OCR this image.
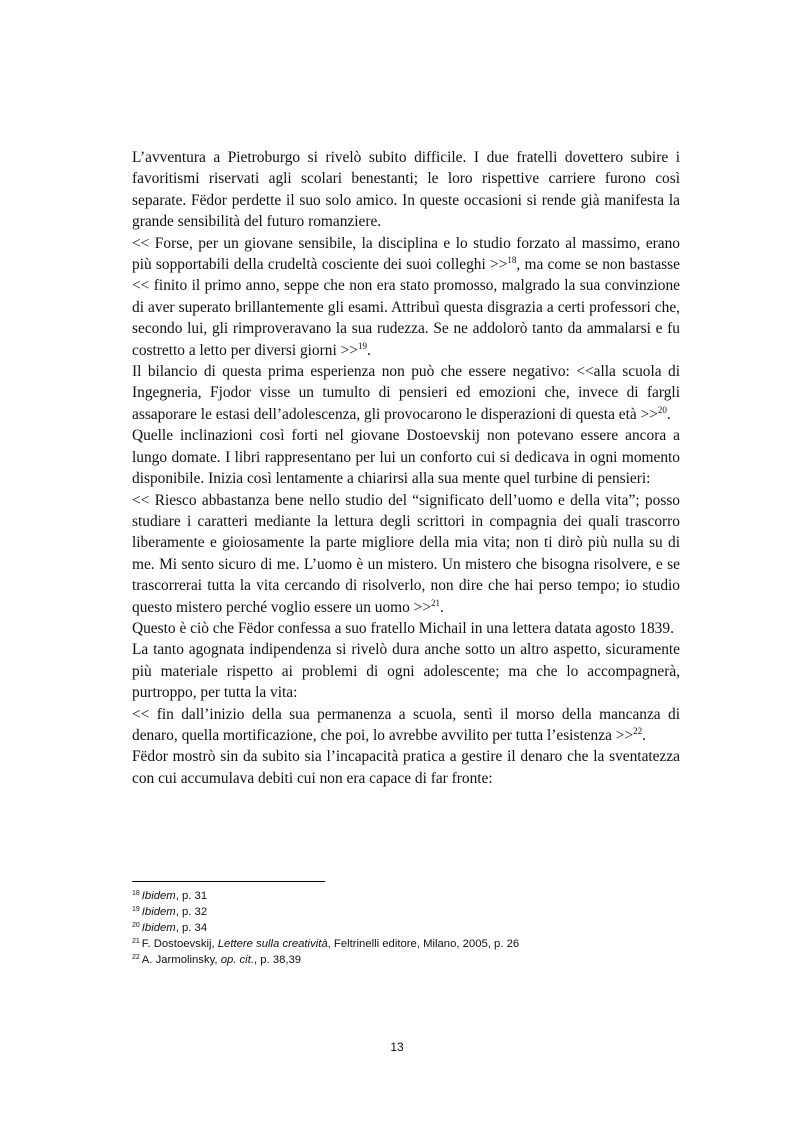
L’avventura a Pietroburgo si rivelò subito difficile. I due fratelli dovettero subire i favoritismi riservati agli scolari benestanti; le loro rispettive carriere furono così separate. Fëdor perdette il suo solo amico. In queste occasioni si rende già manifesta la grande sensibilità del futuro romanziere.

<< Forse, per un giovane sensibile, la disciplina e lo studio forzato al massimo, erano più sopportabili della crudeltà cosciente dei suoi colleghi >>$^{18}$, ma come se non bastasse << finito il primo anno, seppe che non era stato promosso, malgrado la sua convinzione di aver superato brillantemente gli esami. Attribuì questa disgrazia a certi professori che, secondo lui, gli rimproveravano la sua rudezza. Se ne addolorò tanto da ammalarsi e fu costretto a letto per diversi giorni >>$^{19}$.

Il bilancio di questa prima esperienza non può che essere negativo: <<alla scuola di Ingegneria, Fjodor visse un tumulto di pensieri ed emozioni che, invece di fargli assaporare le estasi dell’adolescenza, gli provocarono le disperazioni di questa età >>$^{20}$.

Quelle inclinazioni così forti nel giovane Dostoevskij non potevano essere ancora a lungo domate. I libri rappresentano per lui un conforto cui si dedicava in ogni momento disponibile. Inizia così lentamente a chiarirsi alla sua mente quel turbine di pensieri:

<< Riesco abbastanza bene nello studio del “significato dell’uomo e della vita”; posso studiare i caratteri mediante la lettura degli scrittori in compagnia dei quali trascorro liberamente e gioiosamente la parte migliore della mia vita; non ti dirò più nulla su di me. Mi sento sicuro di me. L’uomo è un mistero. Un mistero che bisogna risolvere, e se trascorrerai tutta la vita cercando di risolverlo, non dire che hai perso tempo; io studio questo mistero perché voglio essere un uomo >>$^{21}$.

Questo è ciò che Fëdor confessa a suo fratello Michail in una lettera datata agosto 1839.

La tanto agognata indipendenza si rivelò dura anche sotto un altro aspetto, sicuramente più materiale rispetto ai problemi di ogni adolescente; ma che lo accompagnerà, purtroppo, per tutta la vita:

<< fin dall’inizio della sua permanenza a scuola, sentì il morso della mancanza di denaro, quella mortificazione, che poi, lo avrebbe avvilito per tutta l’esistenza >>$^{22}$.

Fëdor mostrò sin da subito sia l’incapacità pratica a gestire il denaro che la sventatezza con cui accumulava debiti cui non era capace di far fronte:

$^{18}$ Ibidem, p. 31
$^{19}$ Ibidem, p. 32
$^{20}$ Ibidem, p. 34
$^{21}$ F. Dostoevskij, Lettere sulla creatività, Feltrinelli editore, Milano, 2005, p. 26
$^{22}$ A. Jarmolinsky, op. cit., p. 38,39
13
